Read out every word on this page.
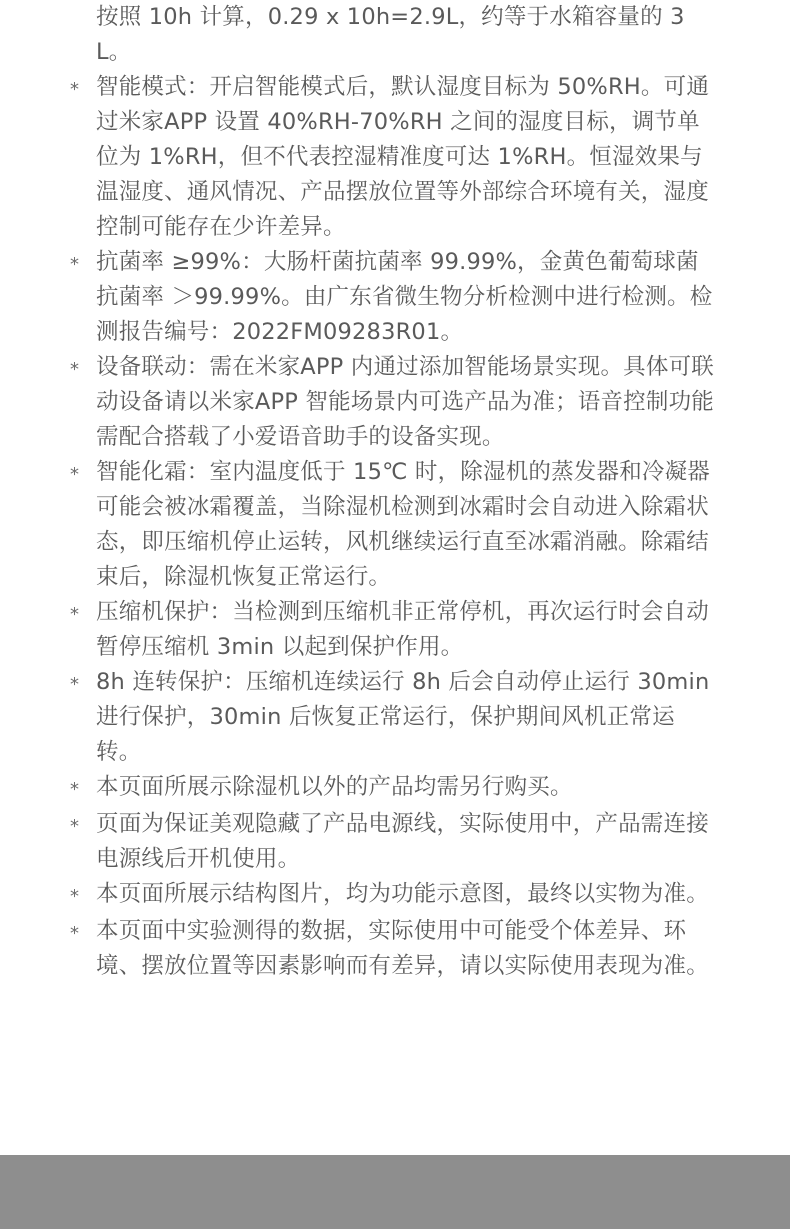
按照 10h 计算，0.29 x 10h=2.9L，约等于水箱容量的 3L。
* 智能模式：开启智能模式后，默认湿度目标为 50%RH。可通过米家APP 设置 40%RH-70%RH 之间的湿度目标，调节单位为 1%RH，但不代表控湿精准度可达 1%RH。恒湿效果与温湿度、通风情况、产品摆放位置等外部综合环境有关，湿度控制可能存在少许差异。
* 抗菌率 ≥99%：大肠杆菌抗菌率 99.99%，金黄色葡萄球菌抗菌率 ＞99.99%。由广东省微生物分析检测中进行检测。检测报告编号：2022FM09283R01。
* 设备联动：需在米家APP 内通过添加智能场景实现。具体可联动设备请以米家APP 智能场景内可选产品为准；语音控制功能需配合搭载了小爱语音助手的设备实现。
* 智能化霜：室内温度低于 15℃ 时，除湿机的蒸发器和冷凝器可能会被冰霜覆盖，当除湿机检测到冰霜时会自动进入除霜状态，即压缩机停止运转，风机继续运行直至冰霜消融。除霜结束后，除湿机恢复正常运行。
* 压缩机保护：当检测到压缩机非正常停机，再次运行时会自动暂停压缩机 3min 以起到保护作用。
* 8h 连转保护：压缩机连续运行 8h 后会自动停止运行 30min 进行保护，30min 后恢复正常运行，保护期间风机正常运转。
* 本页面所展示除湿机以外的产品均需另行购买。
* 页面为保证美观隐藏了产品电源线，实际使用中，产品需连接电源线后开机使用。
* 本页面所展示结构图片，均为功能示意图，最终以实物为准。
* 本页面中实验测得的数据，实际使用中可能受个体差异、环境、摆放位置等因素影响而有差异，请以实际使用表现为准。
